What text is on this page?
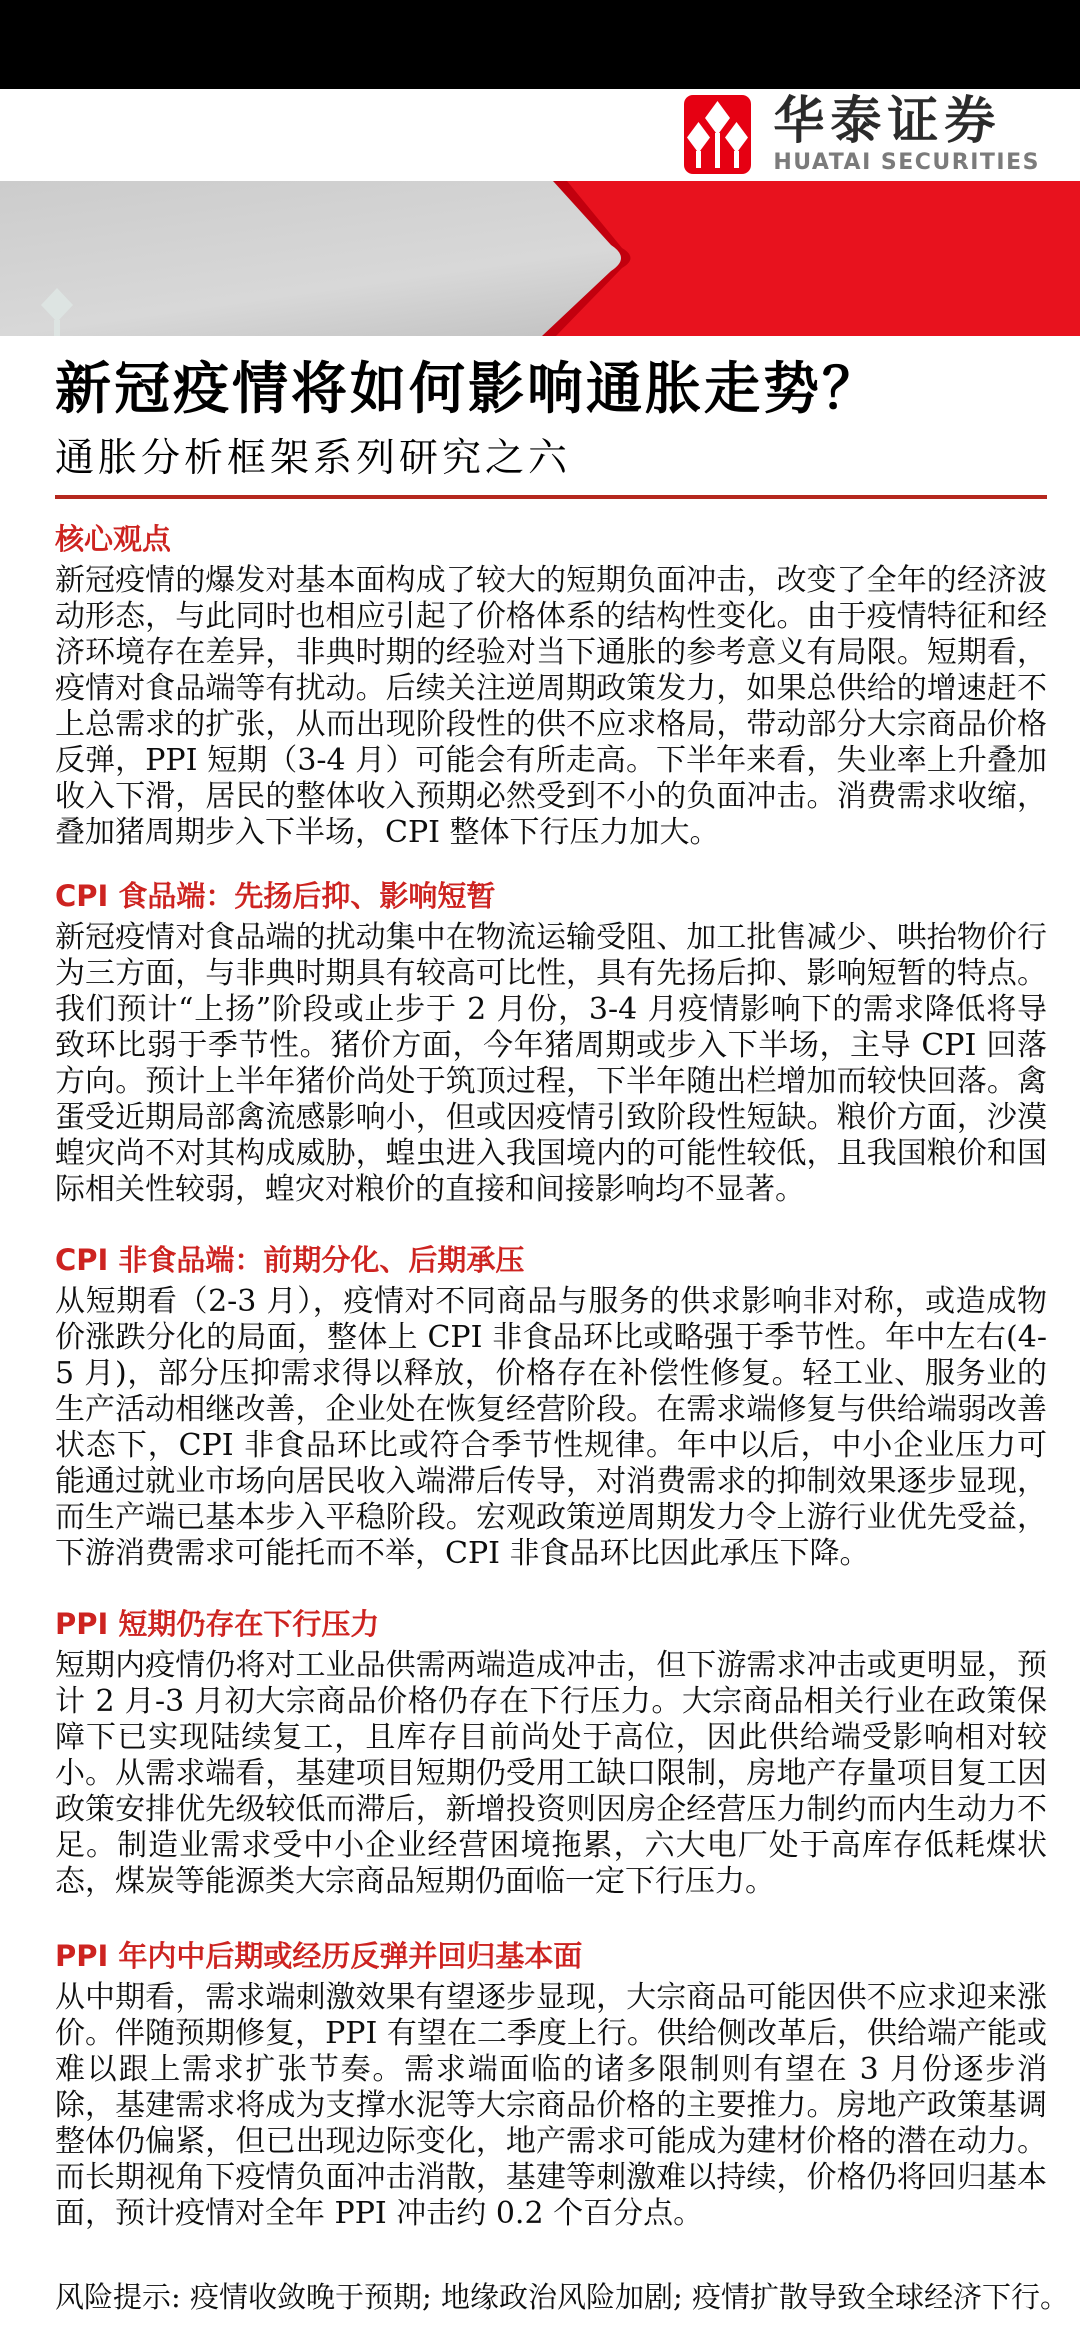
华泰证券
HUATAI SECURITIES
新冠疫情将如何影响通胀走势？
通胀分析框架系列研究之六
核心观点

新冠疫情的爆发对基本面构成了较大的短期负面冲击，改变了全年的经济波动形态，与此同时也相应引起了价格体系的结构性变化。由于疫情特征和经济环境存在差异，非典时期的经验对当下通胀的参考意义有局限。短期看，疫情对食品端等有扰动。后续关注逆周期政策发力，如果总供给的增速赶不上总需求的扩张，从而出现阶段性的供不应求格局，带动部分大宗商品价格反弹，PPI 短期（3-4 月）可能会有所走高。下半年来看，失业率上升叠加收入下滑，居民的整体收入预期必然受到不小的负面冲击。消费需求收缩，叠加猪周期步入下半场，CPI 整体下行压力加大。

CPI 食品端：先扬后抑、影响短暂

新冠疫情对食品端的扰动集中在物流运输受阻、加工批售减少、哄抬物价行为三方面，与非典时期具有较高可比性，具有先扬后抑、影响短暂的特点。我们预计“上扬”阶段或止步于 2 月份，3-4 月疫情影响下的需求降低将导致环比弱于季节性。猪价方面，今年猪周期或步入下半场，主导 CPI 回落方向。预计上半年猪价尚处于筑顶过程，下半年随出栏增加而较快回落。禽蛋受近期局部禽流感影响小，但或因疫情引致阶段性短缺。粮价方面，沙漠蝗灾尚不对其构成威胁，蝗虫进入我国境内的可能性较低，且我国粮价和国际相关性较弱，蝗灾对粮价的直接和间接影响均不显著。

CPI 非食品端：前期分化、后期承压

从短期看（2-3 月），疫情对不同商品与服务的供求影响非对称，或造成物价涨跌分化的局面，整体上 CPI 非食品环比或略强于季节性。年中左右(4-5 月)，部分压抑需求得以释放，价格存在补偿性修复。轻工业、服务业的生产活动相继改善，企业处在恢复经营阶段。在需求端修复与供给端弱改善状态下，CPI 非食品环比或符合季节性规律。年中以后，中小企业压力可能通过就业市场向居民收入端滞后传导，对消费需求的抑制效果逐步显现，而生产端已基本步入平稳阶段。宏观政策逆周期发力令上游行业优先受益，下游消费需求可能托而不举，CPI 非食品环比因此承压下降。

PPI 短期仍存在下行压力

短期内疫情仍将对工业品供需两端造成冲击，但下游需求冲击或更明显，预计 2 月-3 月初大宗商品价格仍存在下行压力。大宗商品相关行业在政策保障下已实现陆续复工，且库存目前尚处于高位，因此供给端受影响相对较小。从需求端看，基建项目短期仍受用工缺口限制，房地产存量项目复工因政策安排优先级较低而滞后，新增投资则因房企经营压力制约而内生动力不足。制造业需求受中小企业经营困境拖累，六大电厂处于高库存低耗煤状态，煤炭等能源类大宗商品短期仍面临一定下行压力。

PPI 年内中后期或经历反弹并回归基本面

从中期看，需求端刺激效果有望逐步显现，大宗商品可能因供不应求迎来涨价。伴随预期修复，PPI 有望在二季度上行。供给侧改革后，供给端产能或难以跟上需求扩张节奏。需求端面临的诸多限制则有望在 3 月份逐步消除，基建需求将成为支撑水泥等大宗商品价格的主要推力。房地产政策基调整体仍偏紧，但已出现边际变化，地产需求可能成为建材价格的潜在动力。而长期视角下疫情负面冲击消散，基建等刺激难以持续，价格仍将回归基本面，预计疫情对全年 PPI 冲击约 0.2 个百分点。

风险提示: 疫情收敛晚于预期; 地缘政治风险加剧; 疫情扩散导致全球经济下行。
